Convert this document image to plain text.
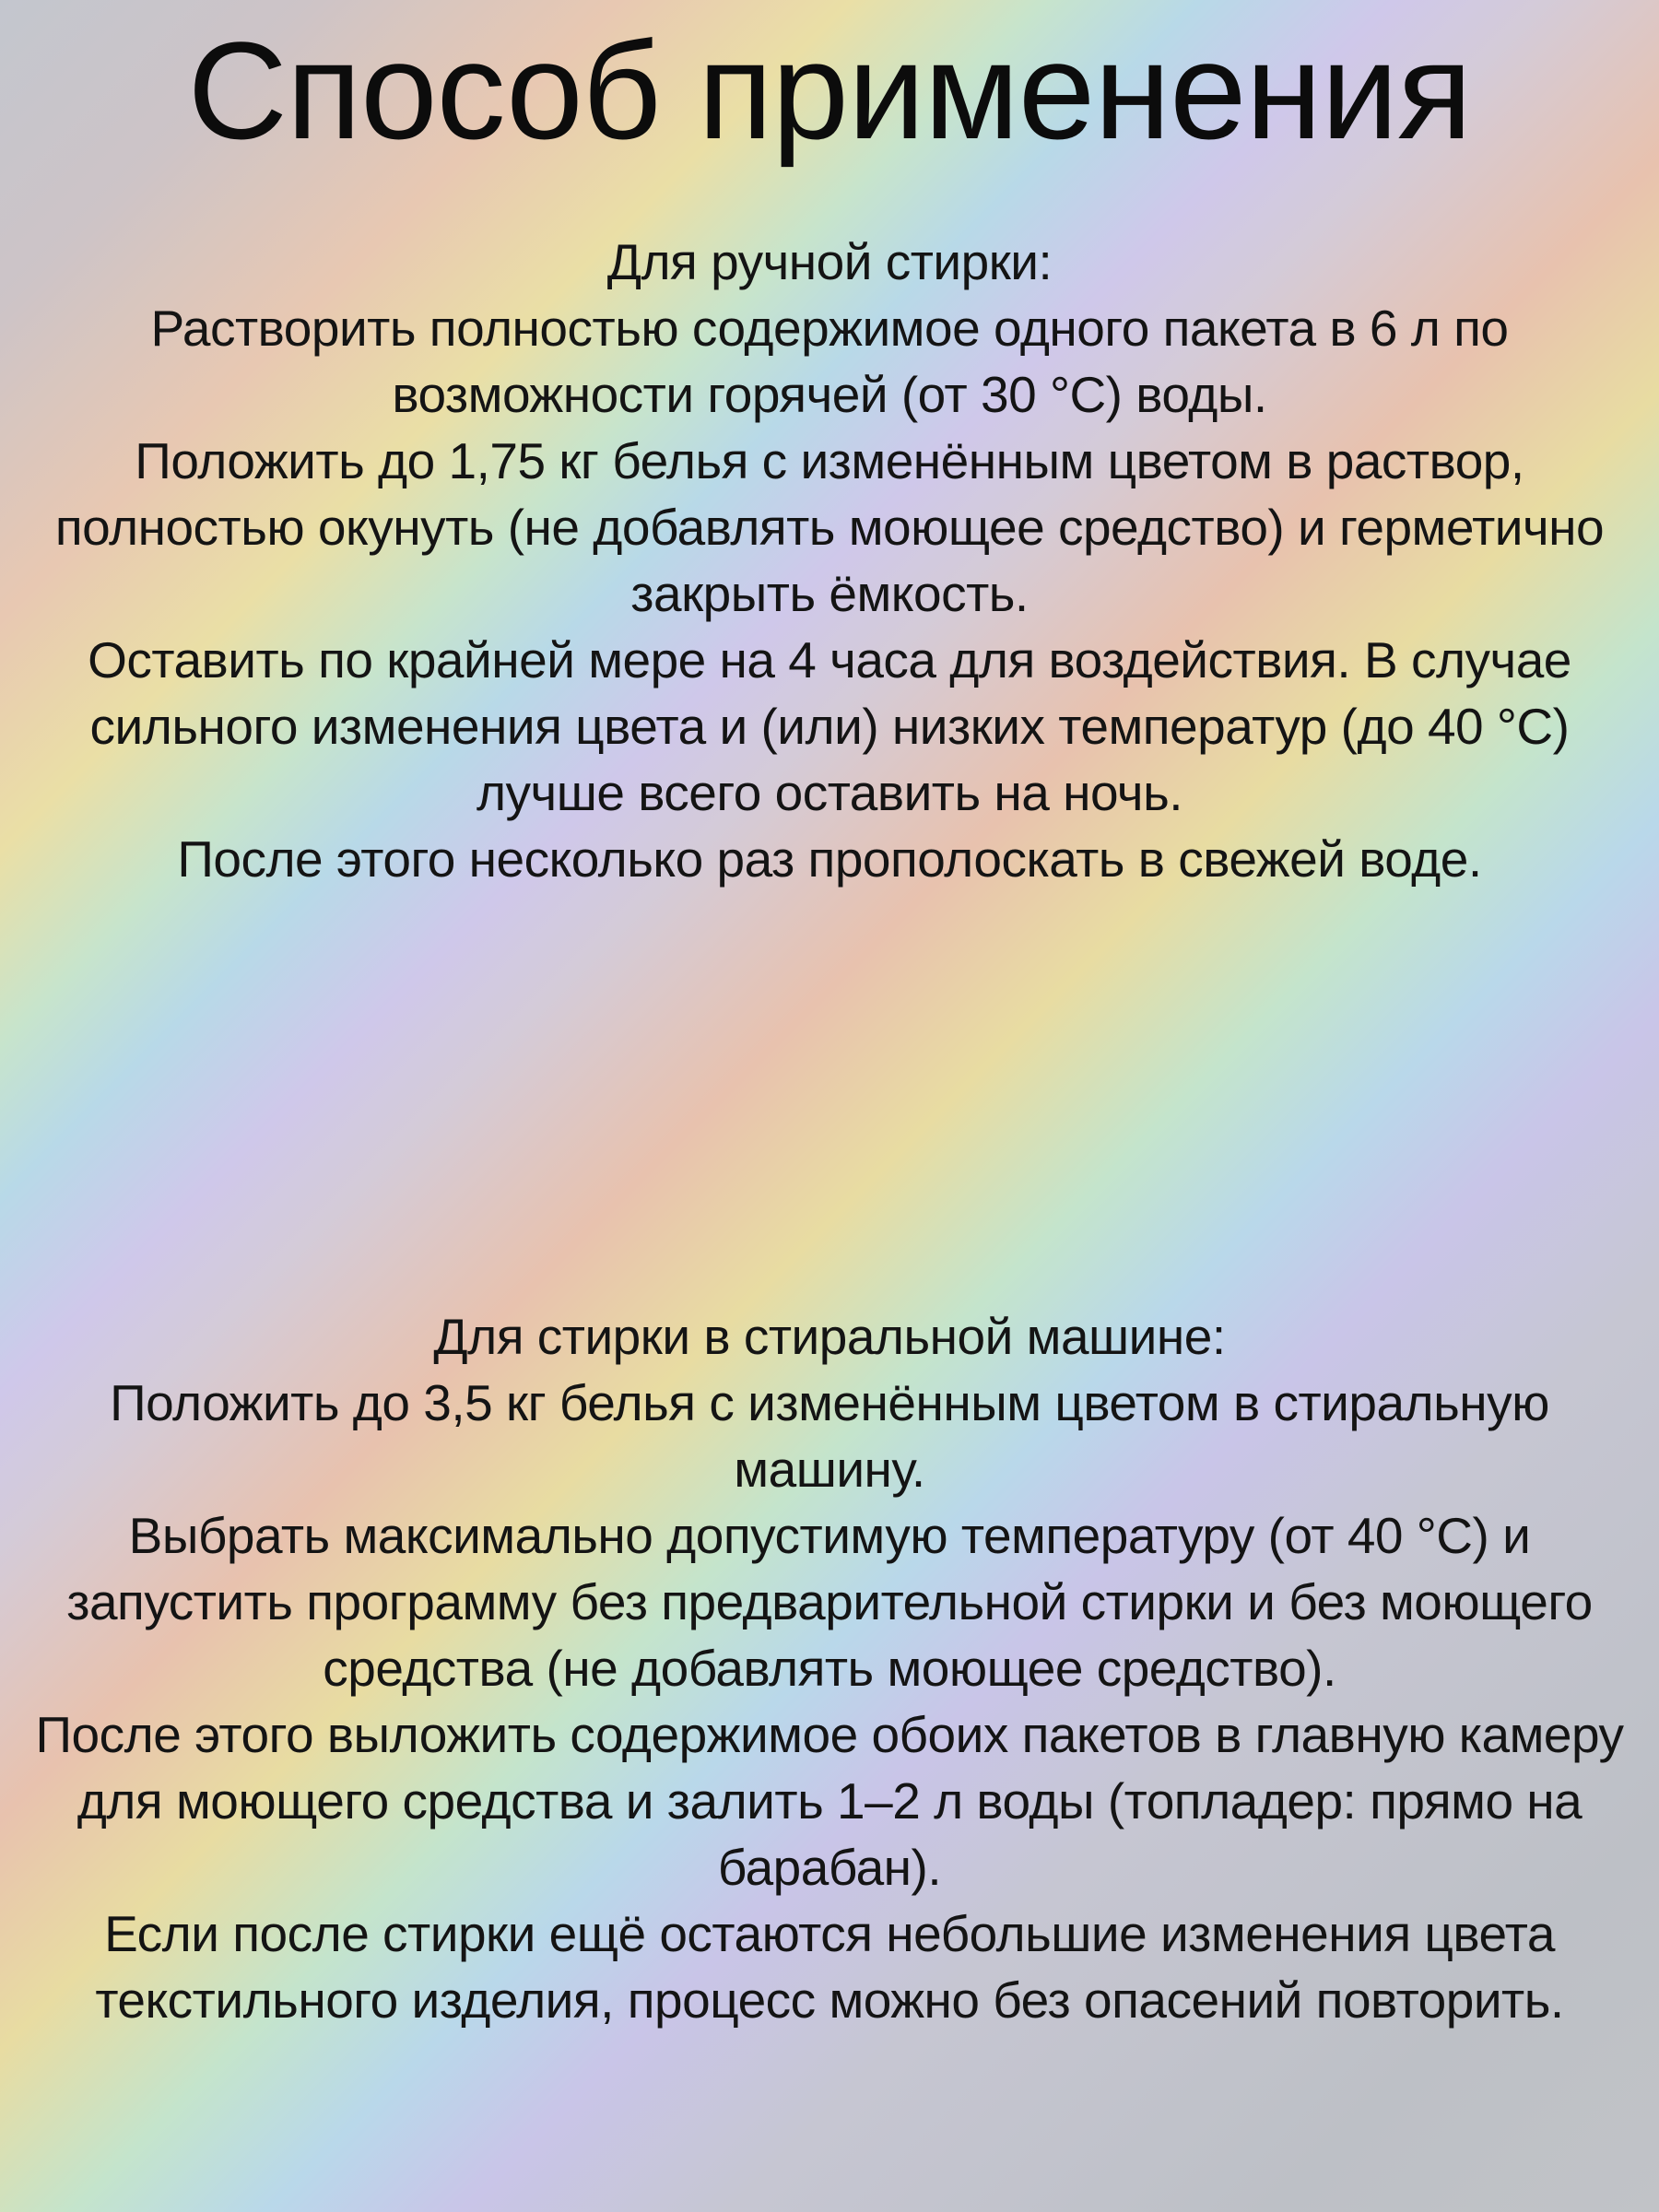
Способ применения

Для ручной стирки:

Растворить полностью содержимое одного пакета в 6 л по возможности горячей (от 30 °C) воды.

Положить до 1,75 кг белья с изменённым цветом в раствор, полностью окунуть (не добавлять моющее средство) и герметично закрыть ёмкость.

Оставить по крайней мере на 4 часа для воздействия. В случае сильного изменения цвета и (или) низких температур (до 40 °C) лучше всего оставить на ночь.

После этого несколько раз прополоскать в свежей воде.

Для стирки в стиральной машине:

Положить до 3,5 кг белья с изменённым цветом в стиральную машину.

Выбрать максимально допустимую температуру (от 40 °C) и запустить программу без предварительной стирки и без моющего средства (не добавлять моющее средство).

После этого выложить содержимое обоих пакетов в главную камеру для моющего средства и залить 1–2 л воды (топладер: прямо на барабан).

Если после стирки ещё остаются небольшие изменения цвета текстильного изделия, процесс можно без опасений повторить.
